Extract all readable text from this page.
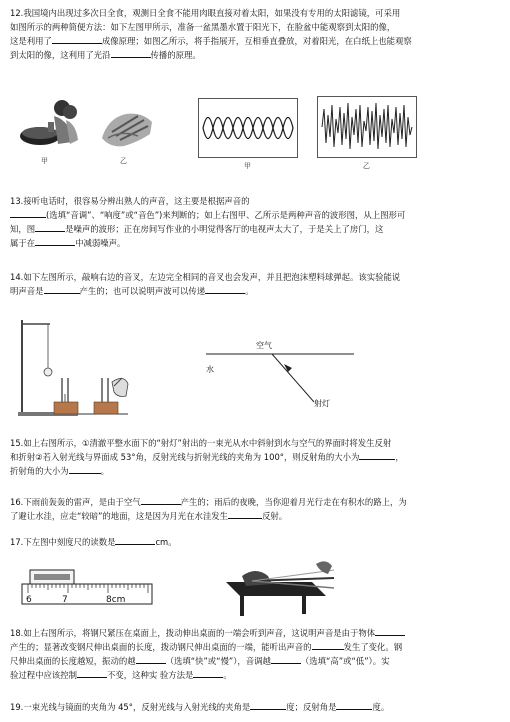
12.我国境内出现过多次日全食，观测日全食不能用肉眼直接对着太阳，如果没有专用的太阳滤镜，可采用

如图所示的两种简便方法：如下左图甲所示，准备一盆黑墨水置于阳光下，在脸盆中能观察到太阳的像，

这是利用了	成像原理；如图乙所示，将手指展开，互相垂直叠放，对着阳光，在白纸上也能观察

到太阳的像，这利用了光沿	传播的原理。

甲	乙
甲	乙

13.接听电话时，很容易分辨出熟人的声音，这主要是根据声音的

(选填“音调”、“响度”或“音色”)来判断的；如上右图甲、乙所示是两种声音的波形图，从上图形可

知，图	是噪声的波形；正在房间写作业的小明觉得客厅的电视声太大了，于是关上了房门，这

属于在	中减弱噪声。

14.如下左图所示，敲响右边的音叉，左边完全相同的音叉也会发声，并且把泡沫塑料球弹起。该实验能说

明声音是	产生的；也可以说明声波可以传递	。

空气
水
射灯

15.如上右图所示，①清澈平整水面下的“射灯”射出的一束光从水中斜射到水与空气的界面时将发生反射

和折射②若入射光线与界面成 53°角，反射光线与折射光线的夹角为 100°，则反射角的大小为	，

折射角的大小为	。

16.下雨前轰轰的雷声，是由于空气	产生的；雨后的夜晚，当你迎着月光行走在有积水的路上，为

了避让水洼，应走“较暗”的地面，这是因为月光在水洼发生	反射。

17.下左图中刻度尺的读数是	cm。

6	7	8cm

18.如上右图所示，将钢尺紧压在桌面上，拨动伸出桌面的一端会听到声音，这说明声音是由于物体

产生的；显著改变钢尺伸出桌面的长度，拨动钢尺伸出桌面的一端，能听出声音的	发生了变化。钢

尺伸出桌面的长度越短，振动的越	（选填“快”或“慢”），音调越	（选填“高”或“低”）。实

验过程中应该控制	不变，这种实 验方法是	。

19.一束光线与镜面的夹角为 45°，反射光线与入射光线的夹角是	度；反射角是	度。
